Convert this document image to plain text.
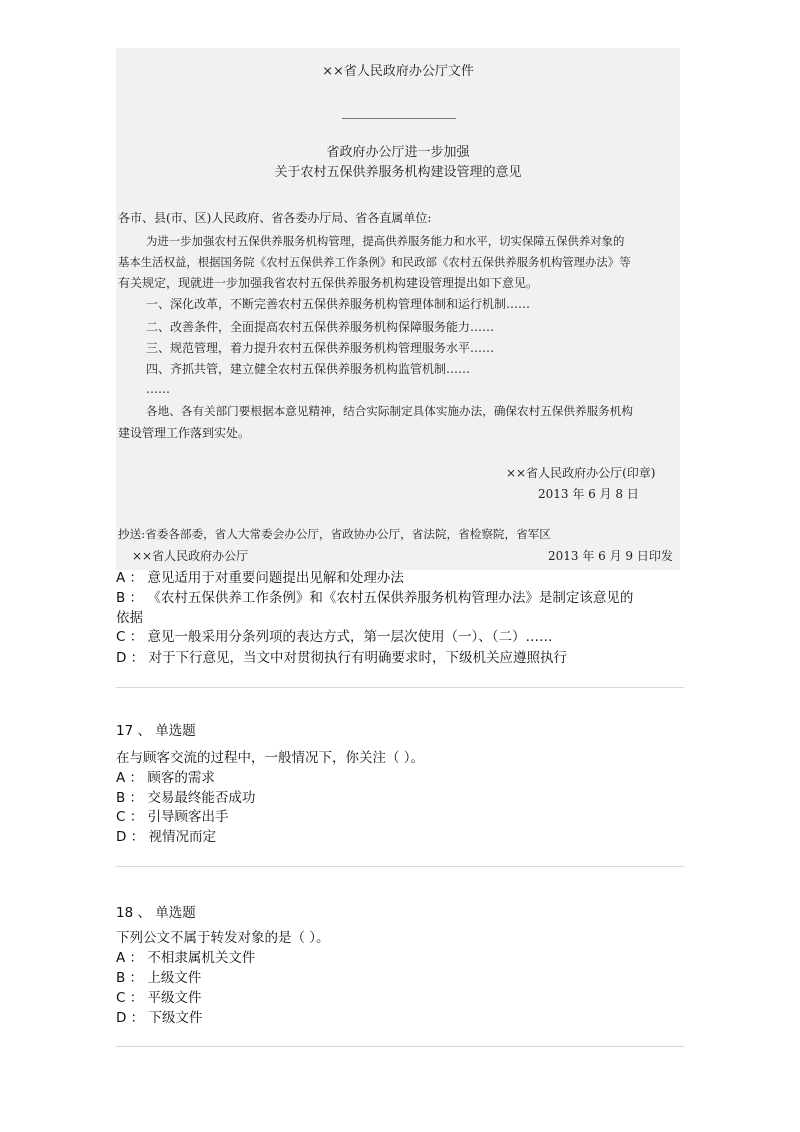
××省人民政府办公厅文件
省政府办公厅进一步加强
关于农村五保供养服务机构建设管理的意见
各市、县(市、区)人民政府、省各委办厅局、省各直属单位:
为进一步加强农村五保供养服务机构管理，提高供养服务能力和水平，切实保障五保供养对象的
基本生活权益，根据国务院《农村五保供养工作条例》和民政部《农村五保供养服务机构管理办法》等
有关规定，现就进一步加强我省农村五保供养服务机构建设管理提出如下意见。
一、深化改革，不断完善农村五保供养服务机构管理体制和运行机制……
二、改善条件，全面提高农村五保供养服务机构保障服务能力……
三、规范管理，着力提升农村五保供养服务机构管理服务水平……
四、齐抓共管，建立健全农村五保供养服务机构监管机制……
……
各地、各有关部门要根据本意见精神，结合实际制定具体实施办法，确保农村五保供养服务机构
建设管理工作落到实处。
××省人民政府办公厅(印章)
2013 年 6 月 8 日
抄送:省委各部委，省人大常委会办公厅，省政协办公厅，省法院，省检察院，省军区
××省人民政府办公厅	2013 年 6 月 9 日印发
A ： 意见适用于对重要问题提出见解和处理办法
B ： 《农村五保供养工作条例》和《农村五保供养服务机构管理办法》是制定该意见的
依据
C ： 意见一般采用分条列项的表达方式，第一层次使用（一）、（二）……
D ： 对于下行意见，当文中对贯彻执行有明确要求时，下级机关应遵照执行
17 、 单选题
在与顾客交流的过程中，一般情况下，你关注（ ）。
A ： 顾客的需求
B ： 交易最终能否成功
C ： 引导顾客出手
D ： 视情况而定
18 、 单选题
下列公文不属于转发对象的是（ ）。
A ： 不相隶属机关文件
B ： 上级文件
C ： 平级文件
D ： 下级文件
